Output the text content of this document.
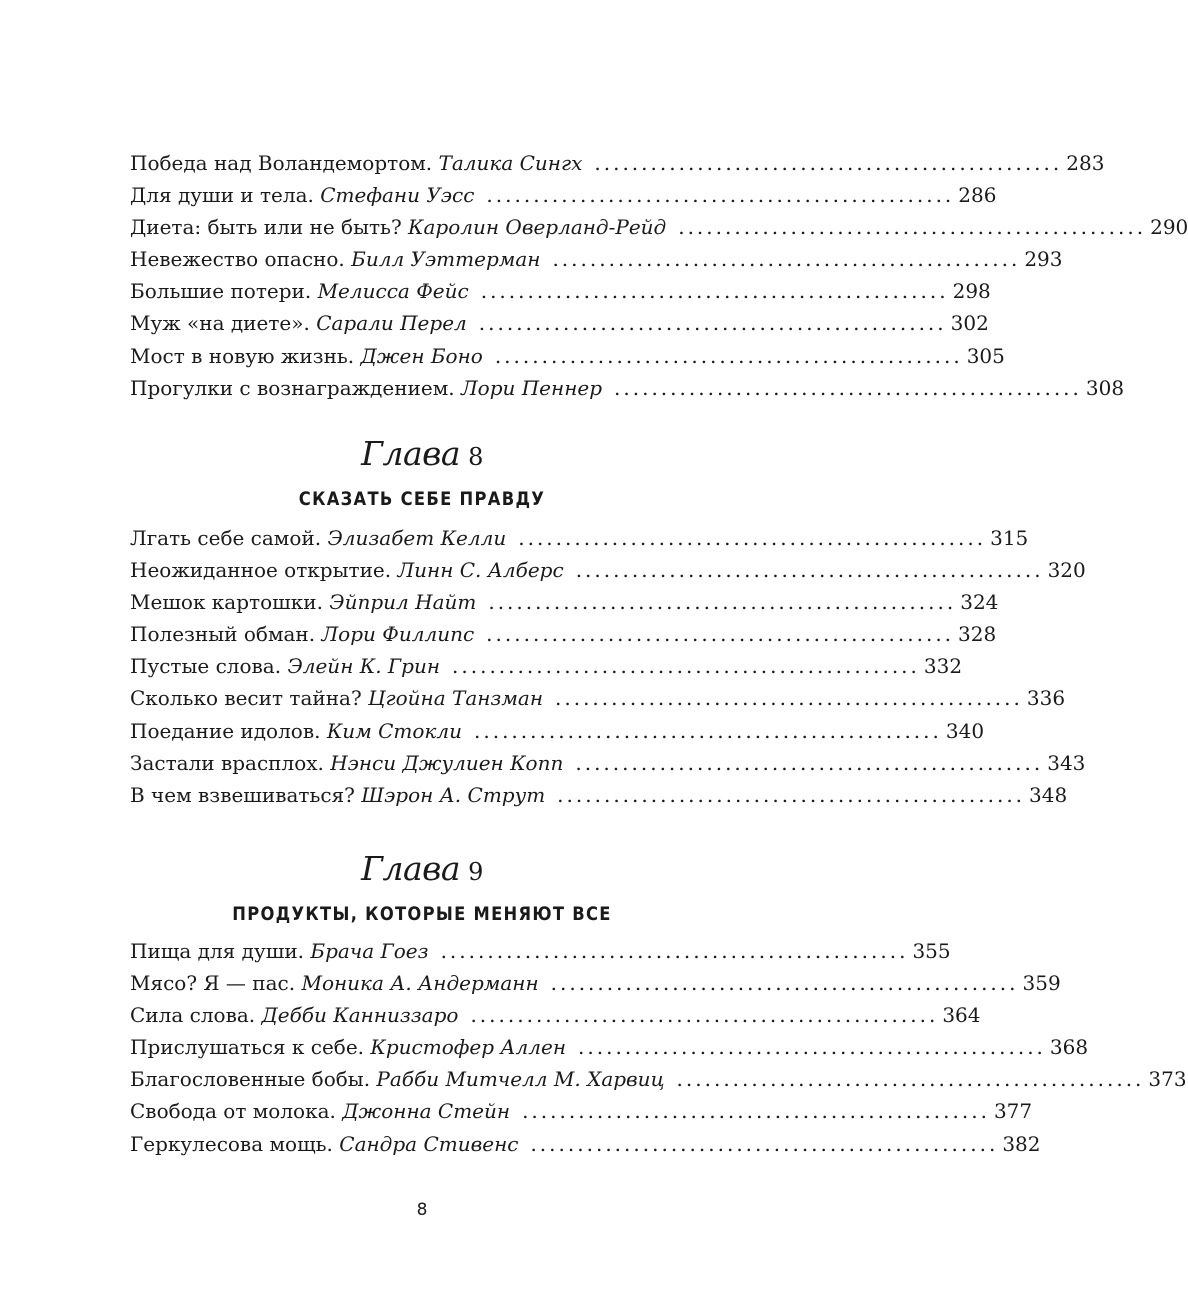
Победа над Воландемортом.
Талика Сингх .................................................. 283
Для души и тела.
Стефани Уэсс .................................................. 286
Диета: быть или не быть?
Каролин Оверланд-Рейд .................................................. 290
Невежество опасно.
Билл Уэттерман .................................................. 293
Большие потери.
Мелисса Фейс .................................................. 298
Муж «на диете».
Сарали Перел .................................................. 302
Мост в новую жизнь.
Джен Боно .................................................. 305
Прогулки с вознаграждением.
Лори Пеннер .................................................. 308
Глава 8
СКАЗАТЬ СЕБЕ ПРАВДУ
Лгать себе самой.
Элизабет Келли .................................................. 315
Неожиданное открытие.
Линн С. Алберс .................................................. 320
Мешок картошки.
Эйприл Найт .................................................. 324
Полезный обман.
Лори Филлипс .................................................. 328
Пустые слова.
Элейн К. Грин .................................................. 332
Сколько весит тайна?
Цгойна Танзман .................................................. 336
Поедание идолов.
Ким Стокли .................................................. 340
Застали врасплох.
Нэнси Джулиен Копп .................................................. 343
В чем взвешиваться?
Шэрон А. Струт .................................................. 348
Глава 9
ПРОДУКТЫ, КОТОРЫЕ МЕНЯЮТ ВСЕ
Пища для души.
Брача Гоез .................................................. 355
Мясо? Я — пас.
Моника А. Андерманн .................................................. 359
Сила слова.
Дебби Канниззаро .................................................. 364
Прислушаться к себе.
Кристофер Аллен .................................................. 368
Благословенные бобы.
Рабби Митчелл М. Харвиц .................................................. 373
Свобода от молока.
Джонна Стейн .................................................. 377
Геркулесова мощь.
Сандра Стивенс .................................................. 382
8
